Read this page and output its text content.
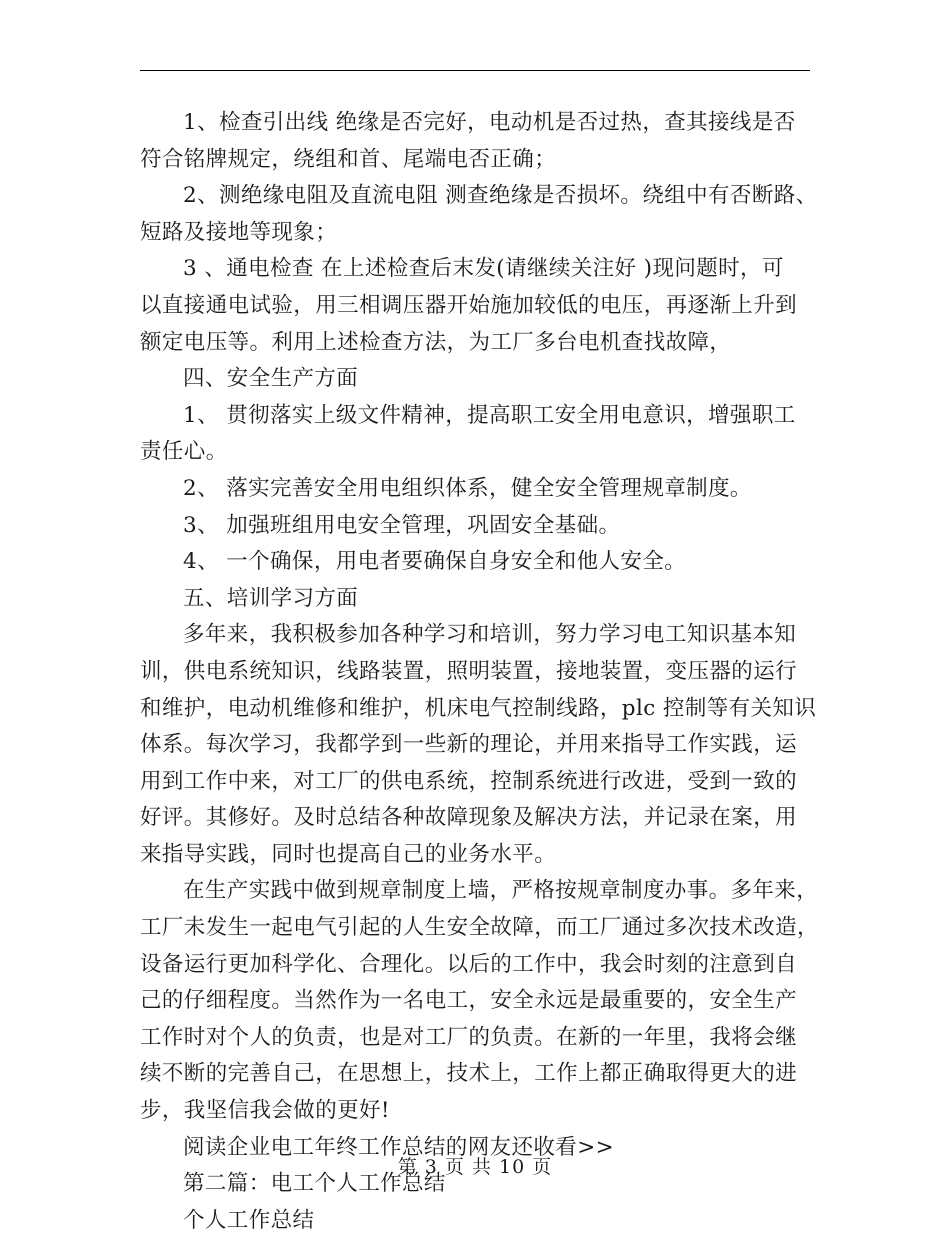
1、检查引出线 绝缘是否完好，电动机是否过热，查其接线是否
符合铭牌规定，绕组和首、尾端电否正确；
2、测绝缘电阻及直流电阻 测查绝缘是否损坏。绕组中有否断路、
短路及接地等现象；
3 、通电检查 在上述检查后末发(请继续关注好 )现问题时，可
以直接通电试验，用三相调压器开始施加较低的电压，再逐渐上升到
额定电压等。利用上述检查方法，为工厂多台电机查找故障，
四、安全生产方面
1、 贯彻落实上级文件精神，提高职工安全用电意识，增强职工
责任心。
2、 落实完善安全用电组织体系，健全安全管理规章制度。
3、 加强班组用电安全管理，巩固安全基础。
4、 一个确保，用电者要确保自身安全和他人安全。
五、培训学习方面
多年来，我积极参加各种学习和培训，努力学习电工知识基本知
训，供电系统知识，线路装置，照明装置，接地装置，变压器的运行
和维护，电动机维修和维护，机床电气控制线路，plc 控制等有关知识
体系。每次学习，我都学到一些新的理论，并用来指导工作实践，运
用到工作中来，对工厂的供电系统，控制系统进行改进，受到一致的
好评。其修好。及时总结各种故障现象及解决方法，并记录在案，用
来指导实践，同时也提高自己的业务水平。
在生产实践中做到规章制度上墙，严格按规章制度办事。多年来，
工厂未发生一起电气引起的人生安全故障，而工厂通过多次技术改造，
设备运行更加科学化、合理化。以后的工作中，我会时刻的注意到自
己的仔细程度。当然作为一名电工，安全永远是最重要的，安全生产
工作时对个人的负责，也是对工厂的负责。在新的一年里，我将会继
续不断的完善自己，在思想上，技术上，工作上都正确取得更大的进
步，我坚信我会做的更好!
阅读企业电工年终工作总结的网友还收看>>
第二篇：电工个人工作总结
个人工作总结
第 3 页 共 10 页
